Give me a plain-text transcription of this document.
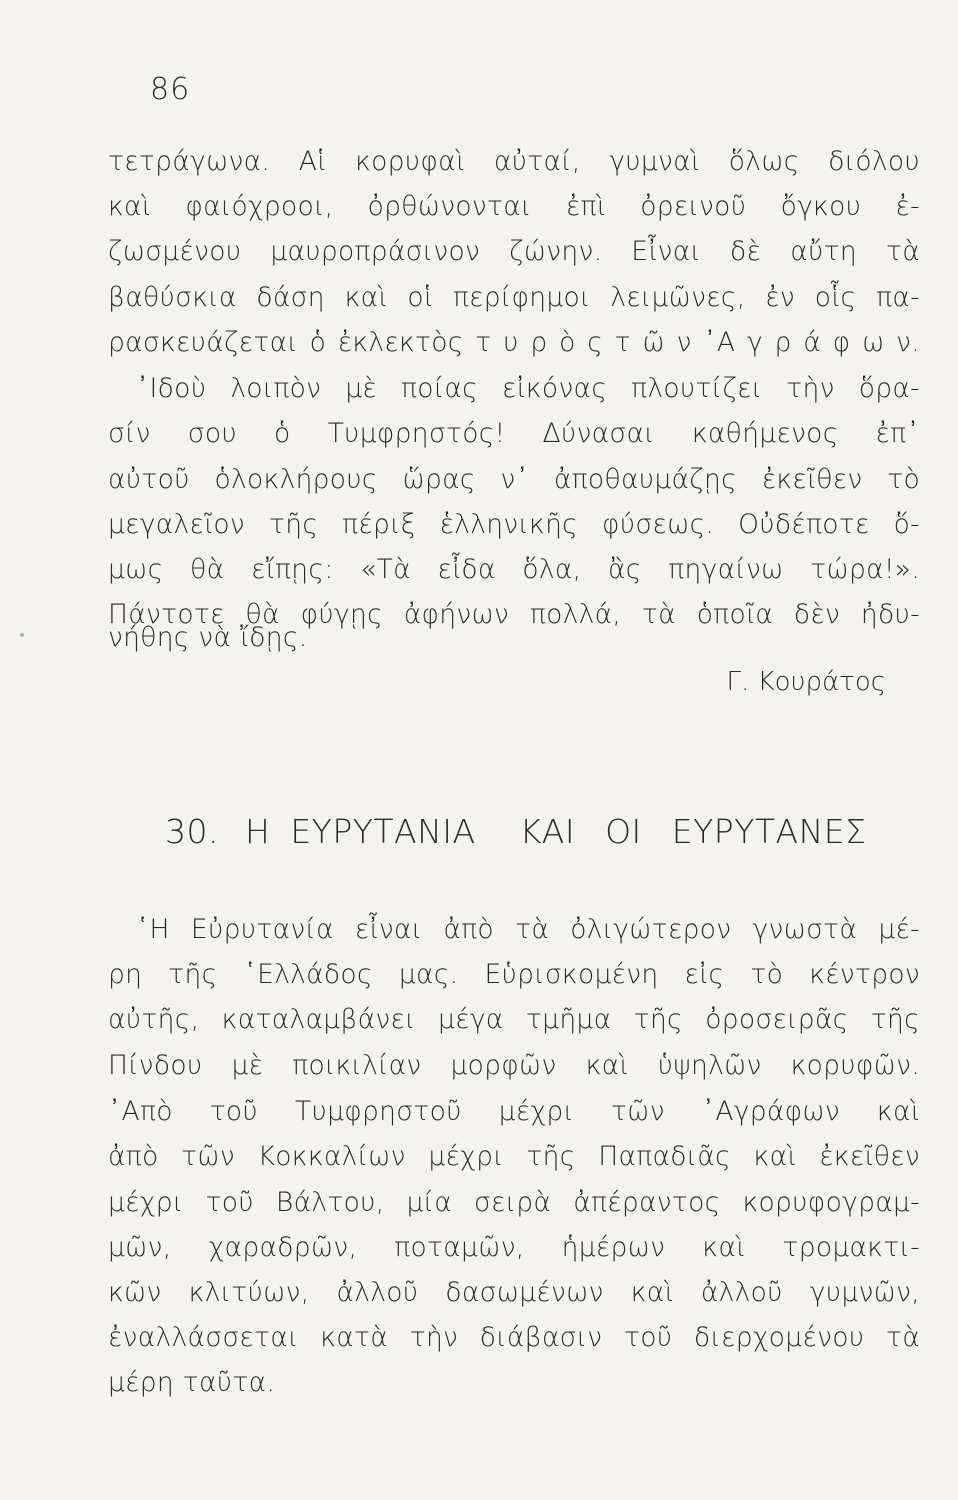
86
τετράγωνα. Αἱ κορυφαὶ αὐταί, γυμναὶ ὅλως διόλου
καὶ φαιόχροοι, ὀρθώνονται ἐπὶ ὀρεινοῦ ὄγκου ἐ-
ζωσμένου μαυροπράσινον ζώνην. Εἶναι δὲ αὔτη τὰ
βαθύσκια δάση καὶ οἱ περίφημοι λειμῶνες, ἐν οἷς πα-
ρασκευάζεται ὁ ἐκλεκτὸς τ υ ρ ὸ ς τ ῶ ν ᾿Α γ ρ ά φ ω ν.
᾿Ιδοὺ λοιπὸν μὲ ποίας εἰκόνας πλουτίζει τὴν ὅρα-
σίν σου ὁ Τυμφρηστός! Δύνασαι καθήμενος ἐπ᾿
αὐτοῦ ὁλοκλήρους ὥρας ν᾿ ἀποθαυμάζῃς ἐκεῖθεν τὸ
μεγαλεῖον τῆς πέριξ ἑλληνικῆς φύσεως. Οὐδέποτε ὅ-
μως θὰ εἴπῃς: «Τὰ εἶδα ὅλα, ἂς πηγαίνω τώρα!».
Πάντοτε θὰ φύγῃς ἀφήνων πολλά, τὰ ὁποῖα δὲν ἠδυ-
νήθης νὰ ἴδῃς.
Γ. Κουράτος
30. Η ΕΥΡΥΤΑΝΙΑ ΚΑΙ ΟΙ ΕΥΡΥΤΑΝΕΣ
῾Η Εὐρυτανία εἶναι ἀπὸ τὰ ὀλιγώτερον γνωστὰ μέ-
ρη τῆς ῾Ελλάδος μας. Εὑρισκομένη εἰς τὸ κέντρον
αὐτῆς, καταλαμβάνει μέγα τμῆμα τῆς ὀροσειρᾶς τῆς
Πίνδου μὲ ποικιλίαν μορφῶν καὶ ὑψηλῶν κορυφῶν.
᾿Απὸ τοῦ Τυμφρηστοῦ μέχρι τῶν ᾿Αγράφων καὶ
ἀπὸ τῶν Κοκκαλίων μέχρι τῆς Παπαδιᾶς καὶ ἐκεῖθεν
μέχρι τοῦ Βάλτου, μία σειρὰ ἀπέραντος κορυφογραμ-
μῶν, χαραδρῶν, ποταμῶν, ἡμέρων καὶ τρομακτι-
κῶν κλιτύων, ἀλλοῦ δασωμένων καὶ ἀλλοῦ γυμνῶν,
ἐναλλάσσεται κατὰ τὴν διάβασιν τοῦ διερχομένου τὰ
μέρη ταῦτα.
